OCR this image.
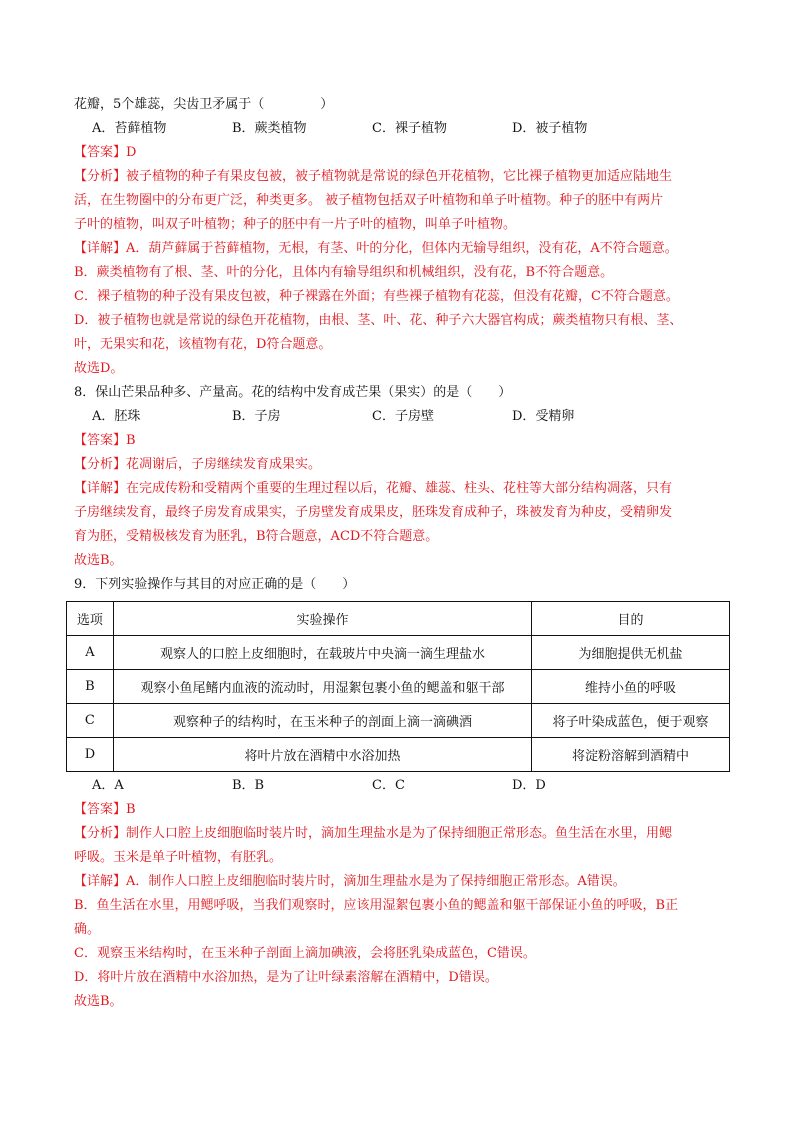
花瓣，5个雄蕊，尖齿卫矛属于（	）
A．苔藓植物	B．蕨类植物	C．裸子植物	D．被子植物
【答案】D
【分析】被子植物的种子有果皮包被，被子植物就是常说的绿色开花植物，它比裸子植物更加适应陆地生
活，在生物圈中的分布更广泛，种类更多。 被子植物包括双子叶植物和单子叶植物。种子的胚中有两片
子叶的植物，叫双子叶植物；种子的胚中有一片子叶的植物，叫单子叶植物。
【详解】A．葫芦藓属于苔藓植物，无根，有茎、叶的分化，但体内无输导组织，没有花，A不符合题意。
B．蕨类植物有了根、茎、叶的分化，且体内有输导组织和机械组织，没有花，B不符合题意。
C．裸子植物的种子没有果皮包被，种子裸露在外面；有些裸子植物有花蕊，但没有花瓣，C不符合题意。
D．被子植物也就是常说的绿色开花植物，由根、茎、叶、花、种子六大器官构成；蕨类植物只有根、茎、
叶，无果实和花，该植物有花，D符合题意。
故选D。
8．保山芒果品种多、产量高。花的结构中发育成芒果（果实）的是（　　）
A．胚珠	B．子房	C．子房壁	D．受精卵
【答案】B
【分析】花凋谢后，子房继续发育成果实。
【详解】在完成传粉和受精两个重要的生理过程以后，花瓣、雄蕊、柱头、花柱等大部分结构凋落，只有
子房继续发育，最终子房发育成果实，子房壁发育成果皮，胚珠发育成种子，珠被发育为种皮，受精卵发
育为胚，受精极核发育为胚乳，B符合题意，ACD不符合题意。
故选B。
9．下列实验操作与其目的对应正确的是（　　）
选项	实验操作	目的
A	观察人的口腔上皮细胞时，在载玻片中央滴一滴生理盐水	为细胞提供无机盐
B	观察小鱼尾鳍内血液的流动时，用湿絮包裹小鱼的鳃盖和躯干部	维持小鱼的呼吸
C	观察种子的结构时，在玉米种子的剖面上滴一滴碘酒	将子叶染成蓝色，便于观察
D	将叶片放在酒精中水浴加热	将淀粉溶解到酒精中
A．A	B．B	C．C	D．D
【答案】B
【分析】制作人口腔上皮细胞临时装片时，滴加生理盐水是为了保持细胞正常形态。鱼生活在水里，用鳃
呼吸。玉米是单子叶植物，有胚乳。
【详解】A．制作人口腔上皮细胞临时装片时，滴加生理盐水是为了保持细胞正常形态。A错误。
B．鱼生活在水里，用鳃呼吸，当我们观察时，应该用湿絮包裹小鱼的鳃盖和躯干部保证小鱼的呼吸，B正
确。
C．观察玉米结构时，在玉米种子剖面上滴加碘液，会将胚乳染成蓝色，C错误。
D．将叶片放在酒精中水浴加热，是为了让叶绿素溶解在酒精中，D错误。
故选B。
